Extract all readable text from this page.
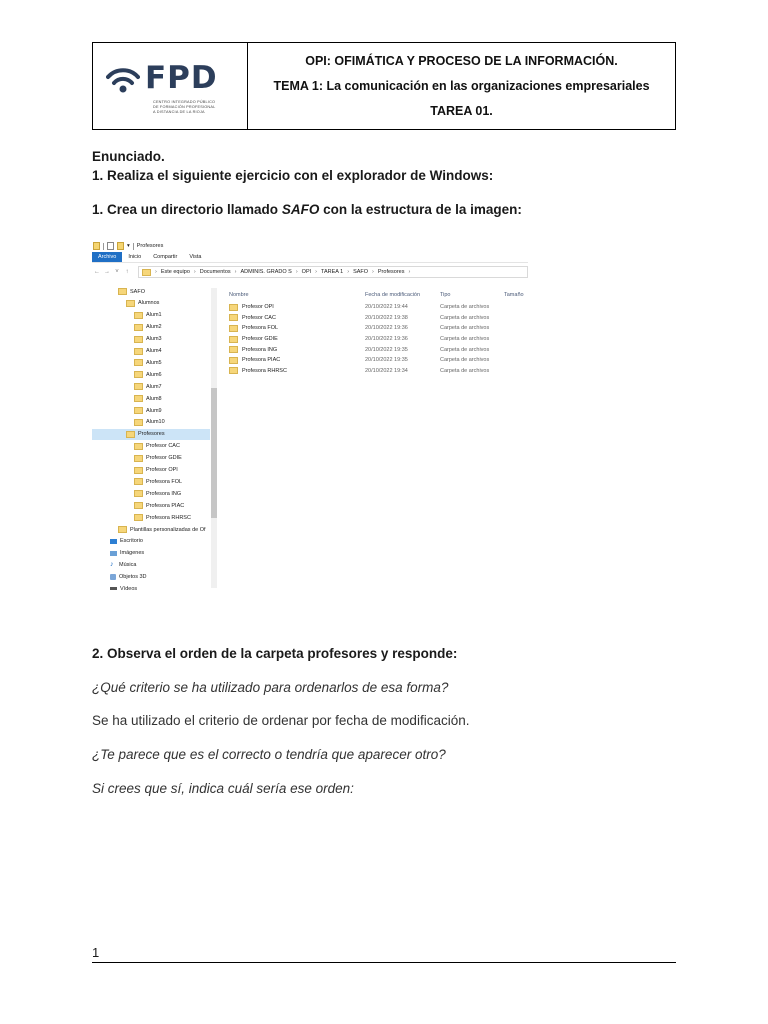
FPD
CENTRO INTEGRADO PÚBLICO
DE FORMACIÓN PROFESIONAL
A DISTANCIA DE LA RIOJA
OPI: OFIMÁTICA Y PROCESO DE LA INFORMACIÓN.
TEMA 1: La comunicación en las organizaciones empresariales
TAREA 01.

Enunciado.

1. Realiza el siguiente ejercicio con el explorador de Windows:

1. Crea un directorio llamado SAFO con la estructura de la imagen:

▾ Profesores
Archivo	Inicio	Compartir	Vista
← → ˅	↑	› Este equipo › Documentos › ADMINIS. GRADO S › OPI › TAREA 1 › SAFO › Profesores ›
SAFO
Alumnos
Alum1
Alum2
Alum3
Alum4
Alum5
Alum6
Alum7
Alum8
Alum9
Alum10
Profesores
Profesor CAC
Profesor GDIE
Profesor OPI
Profesora FOL
Profesora ING
Profesora PIAC
Profesora RHRSC
Plantillas personalizadas de Of
Escritorio
Imágenes
♪	Música
Objetos 3D
Vídeos
Nombre	Fecha de modificación	Tipo	Tamaño
Profesor OPI	20/10/2022 19:44	Carpeta de archivos
Profesor CAC	20/10/2022 19:38	Carpeta de archivos
Profesora FOL	20/10/2022 19:36	Carpeta de archivos
Profesor GDIE	20/10/2022 19:36	Carpeta de archivos
Profesora ING	20/10/2022 19:35	Carpeta de archivos
Profesora PIAC	20/10/2022 19:35	Carpeta de archivos
Profesora RHRSC	20/10/2022 19:34	Carpeta de archivos

2. Observa el orden de la carpeta profesores y responde:

¿Qué criterio se ha utilizado para ordenarlos de esa forma?

Se ha utilizado el criterio de ordenar por fecha de modificación.

¿Te parece que es el correcto o tendría que aparecer otro?

Si crees que sí, indica cuál sería ese orden:

1
